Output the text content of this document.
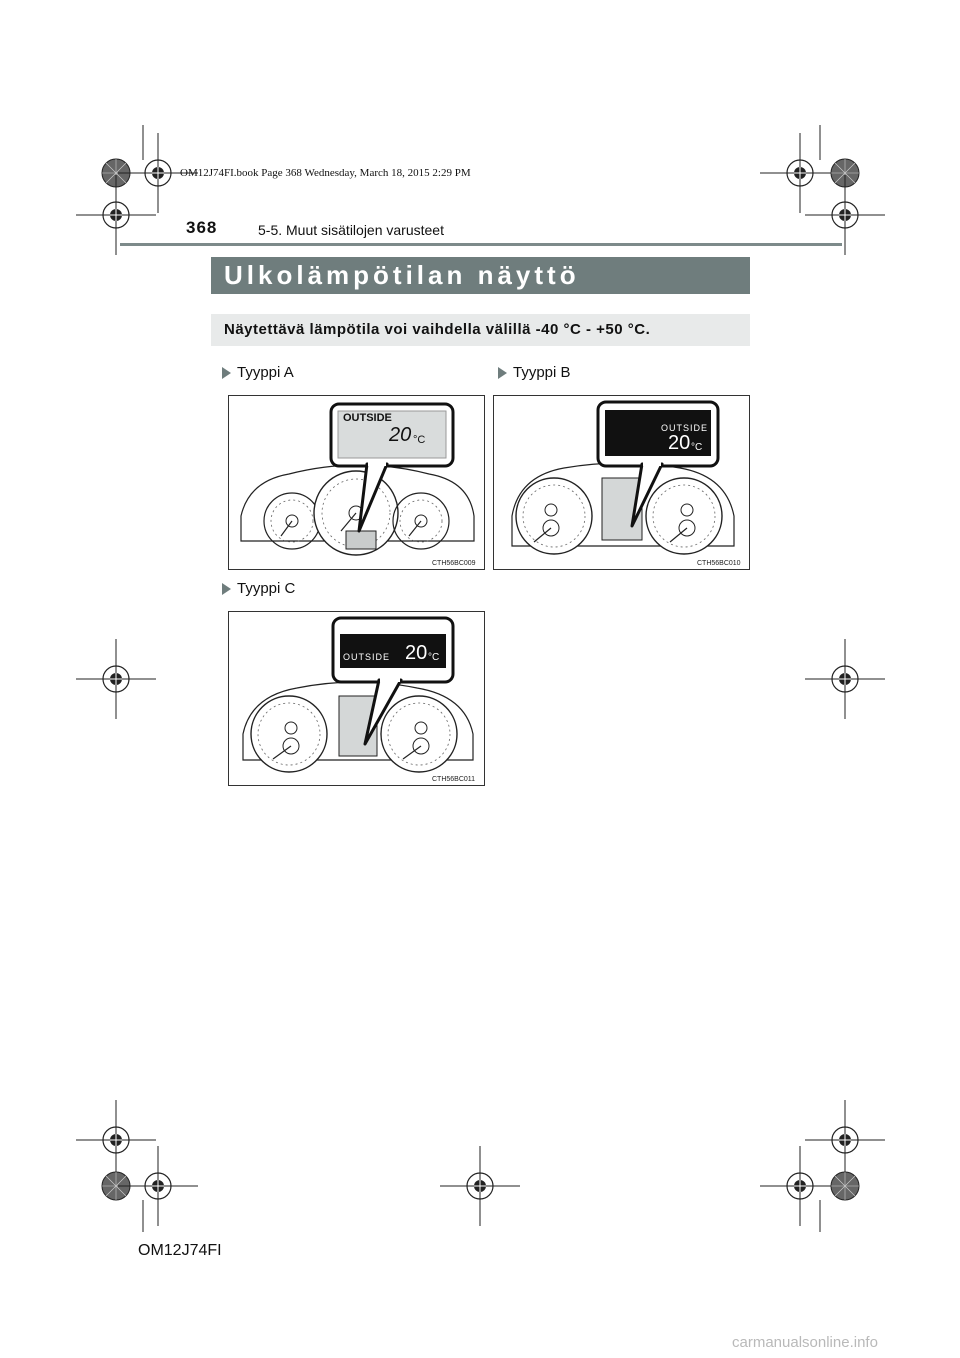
OM12J74FI.book Page 368 Wednesday, March 18, 2015 2:29 PM
368	5-5. Muut sisätilojen varusteet
Ulkolämpötilan näyttö
Näytettävä lämpötila voi vaihdella välillä -40 °C - +50 °C.
Tyyppi A	Tyyppi B
OUTSIDE
20 °C
CTH56BC009
OUTSIDE
20 °C
CTH56BC010
Tyyppi C
OUTSIDE 20 °C
CTH56BC011
OM12J74FI
carmanualsonline.info
